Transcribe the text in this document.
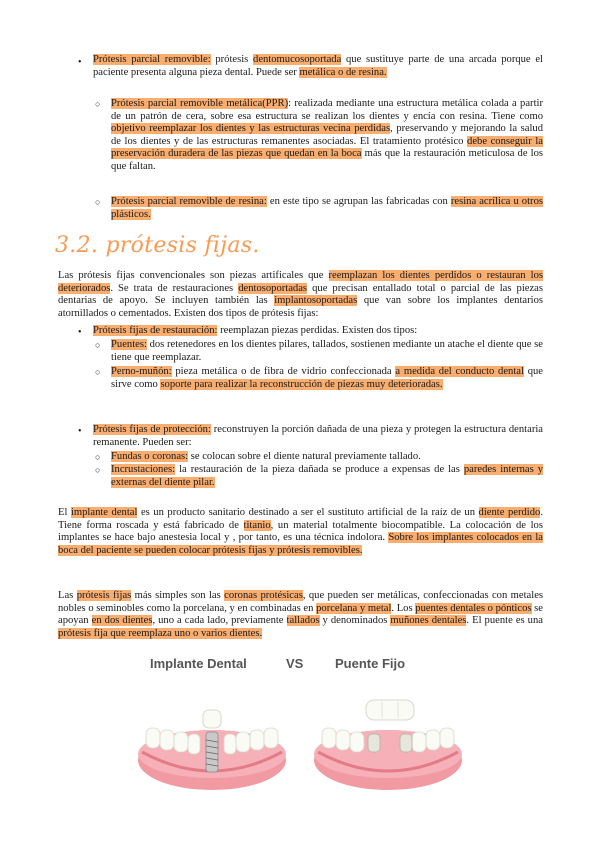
• Prótesis parcial removible: prótesis dentomucosoportada que sustituye parte de una arcada porque el paciente presenta alguna pieza dental. Puede ser metálica o de resina.

○ Prótesis parcial removible metálica(PPR): realizada mediante una estructura metálica colada a partir de un patrón de cera, sobre esa estructura se realizan los dientes y encía con resina. Tiene como objetivo reemplazar los dientes y las estructuras vecina perdidas, preservando y mejorando la salud de los dientes y de las estructuras remanentes asociadas. El tratamiento protésico debe conseguir la preservación duradera de las piezas que quedan en la boca más que la restauración meticulosa de los que faltan.

○ Prótesis parcial removible de resina: en este tipo se agrupan las fabricadas con resina acrílica u otros plásticos.

3.2. prótesis fijas.

Las prótesis fijas convencionales son piezas artificales que reemplazan los dientes perdidos o restauran los deteriorados. Se trata de restauraciones dentosoportadas que precisan entallado total o parcial de las piezas dentarias de apoyo. Se incluyen también las implantosoportadas que van sobre los implantes dentarios atornillados o cementados. Existen dos tipos de prótesis fijas:

• Prótesis fijas de restauración: reemplazan piezas perdidas. Existen dos tipos:

○ Puentes: dos retenedores en los dientes pilares, tallados, sostienen mediante un atache el diente que se tiene que reemplazar.

○ Perno-muñón: pieza metálica o de fibra de vidrio confeccionada a medida del conducto dental que sirve como soporte para realizar la reconstrucción de piezas muy deterioradas.

• Prótesis fijas de protección: reconstruyen la porción dañada de una pieza y protegen la estructura dentaria remanente. Pueden ser:

○ Fundas o coronas: se colocan sobre el diente natural previamente tallado.

○ Incrustaciones: la restauración de la pieza dañada se produce a expensas de las paredes internas y externas del diente pilar.

El implante dental es un producto sanitario destinado a ser el sustituto artificial de la raíz de un diente perdido. Tiene forma roscada y está fabricado de titanio, un material totalmente biocompatible. La colocación de los implantes se hace bajo anestesia local y , por tanto, es una técnica indolora. Sobre los implantes colocados en la boca del paciente se pueden colocar prótesis fijas y prótesis removibles.

Las prótesis fijas más simples son las coronas protésicas, que pueden ser metálicas, confeccionadas con metales nobles o seminobles como la porcelana, y en combinadas en porcelana y metal. Los puentes dentales o pónticos se apoyan en dos dientes, uno a cada lado, previamente tallados y denominados muñones dentales. El puente es una prótesis fija que reemplaza uno o varios dientes.

Implante Dental	VS Puente Fijo
